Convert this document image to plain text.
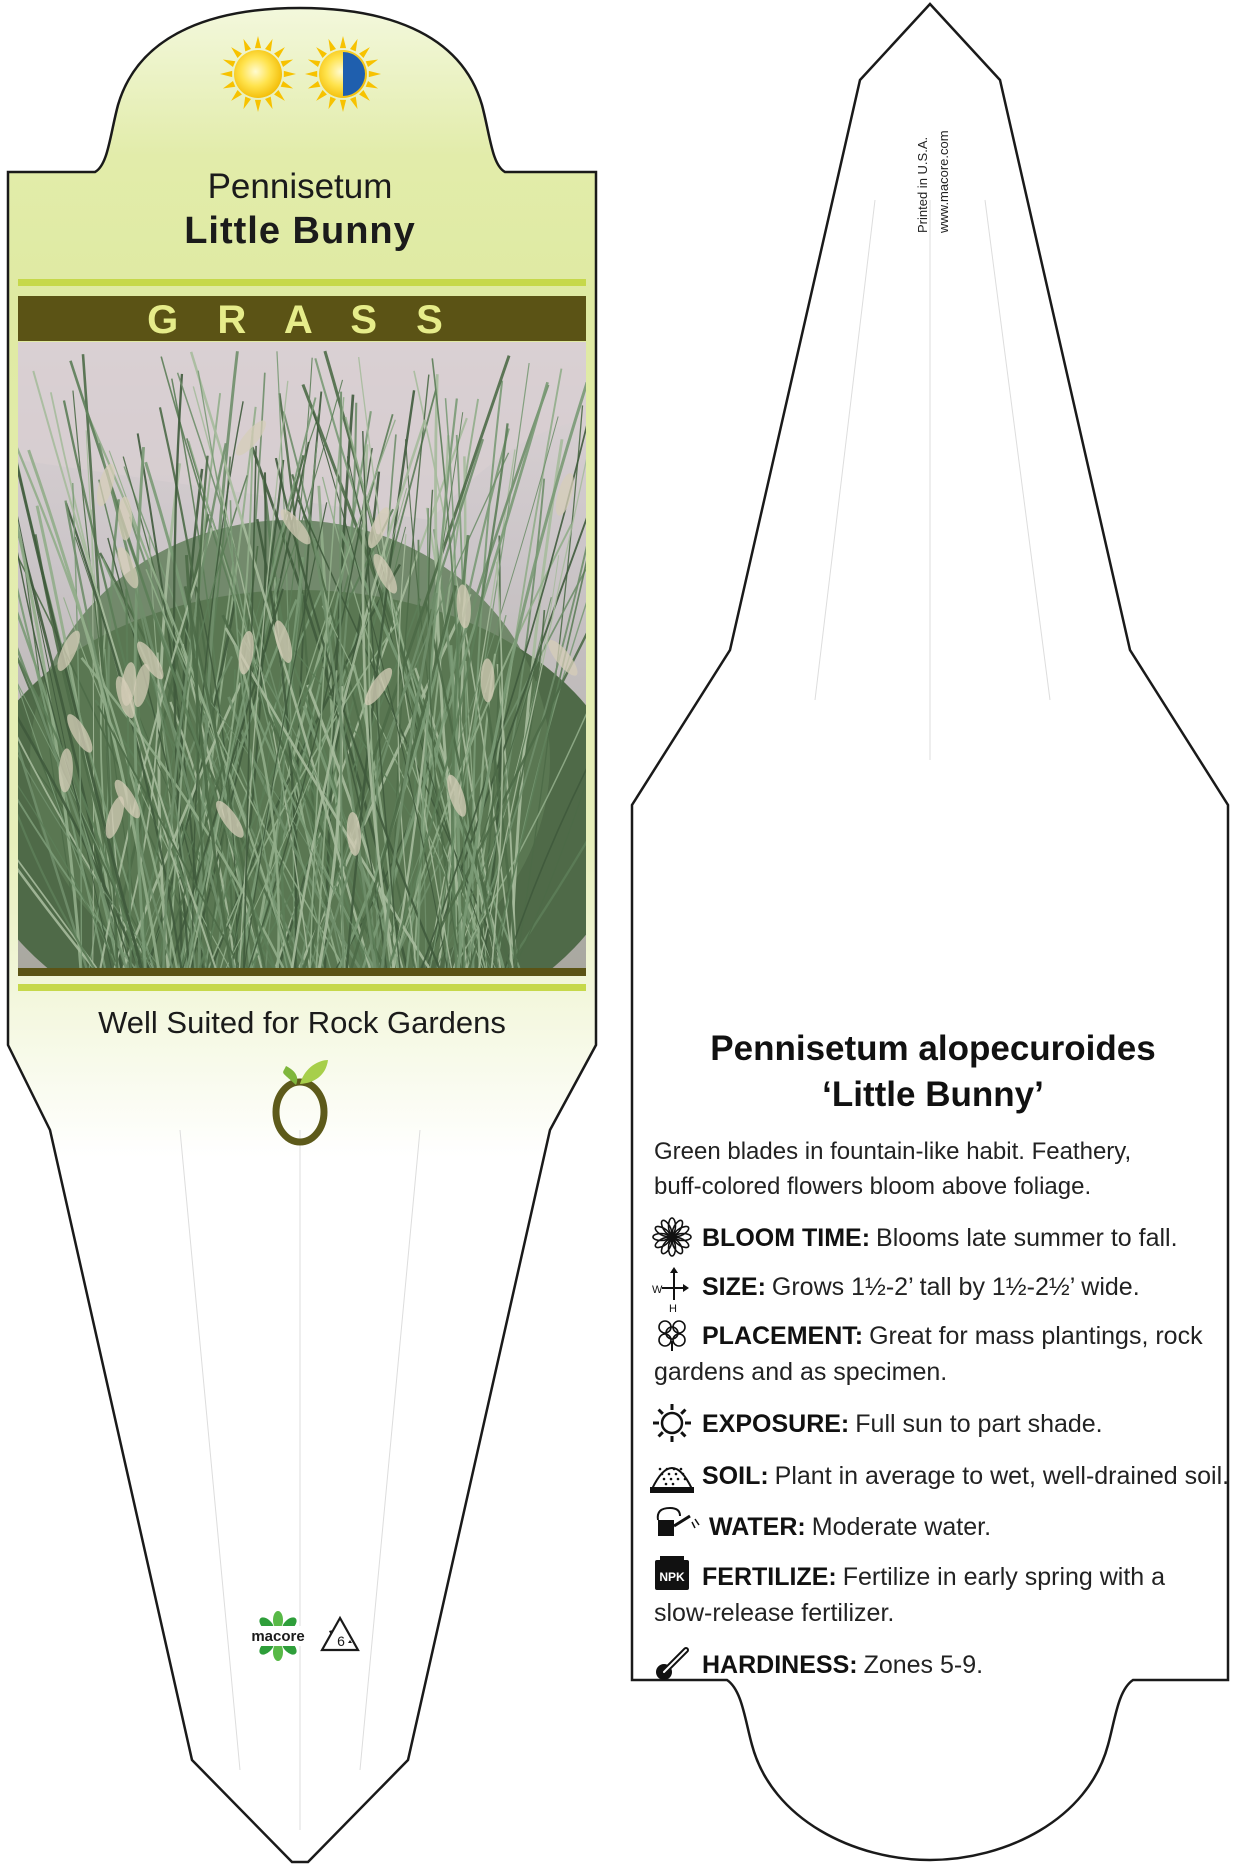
Pennisetum
Little Bunny
G R A S S
Well Suited for Rock Gardens
macore 6
Printed in U.S.A. www.macore.com
Pennisetum alopecuroides
‘Little Bunny’
Green blades in fountain-like habit. Feathery,
buff-colored flowers bloom above foliage.
BLOOM TIME: Blooms late summer to fall.
W
H
SIZE: Grows 1½-2’ tall by 1½-2½’ wide.
PLACEMENT: Great for mass plantings, rock
gardens and as specimen.
EXPOSURE: Full sun to part shade.
SOIL: Plant in average to wet, well-drained soil.
WATER: Moderate water.
NPK FERTILIZE: Fertilize in early spring with a
slow-release fertilizer.
HARDINESS: Zones 5-9.
